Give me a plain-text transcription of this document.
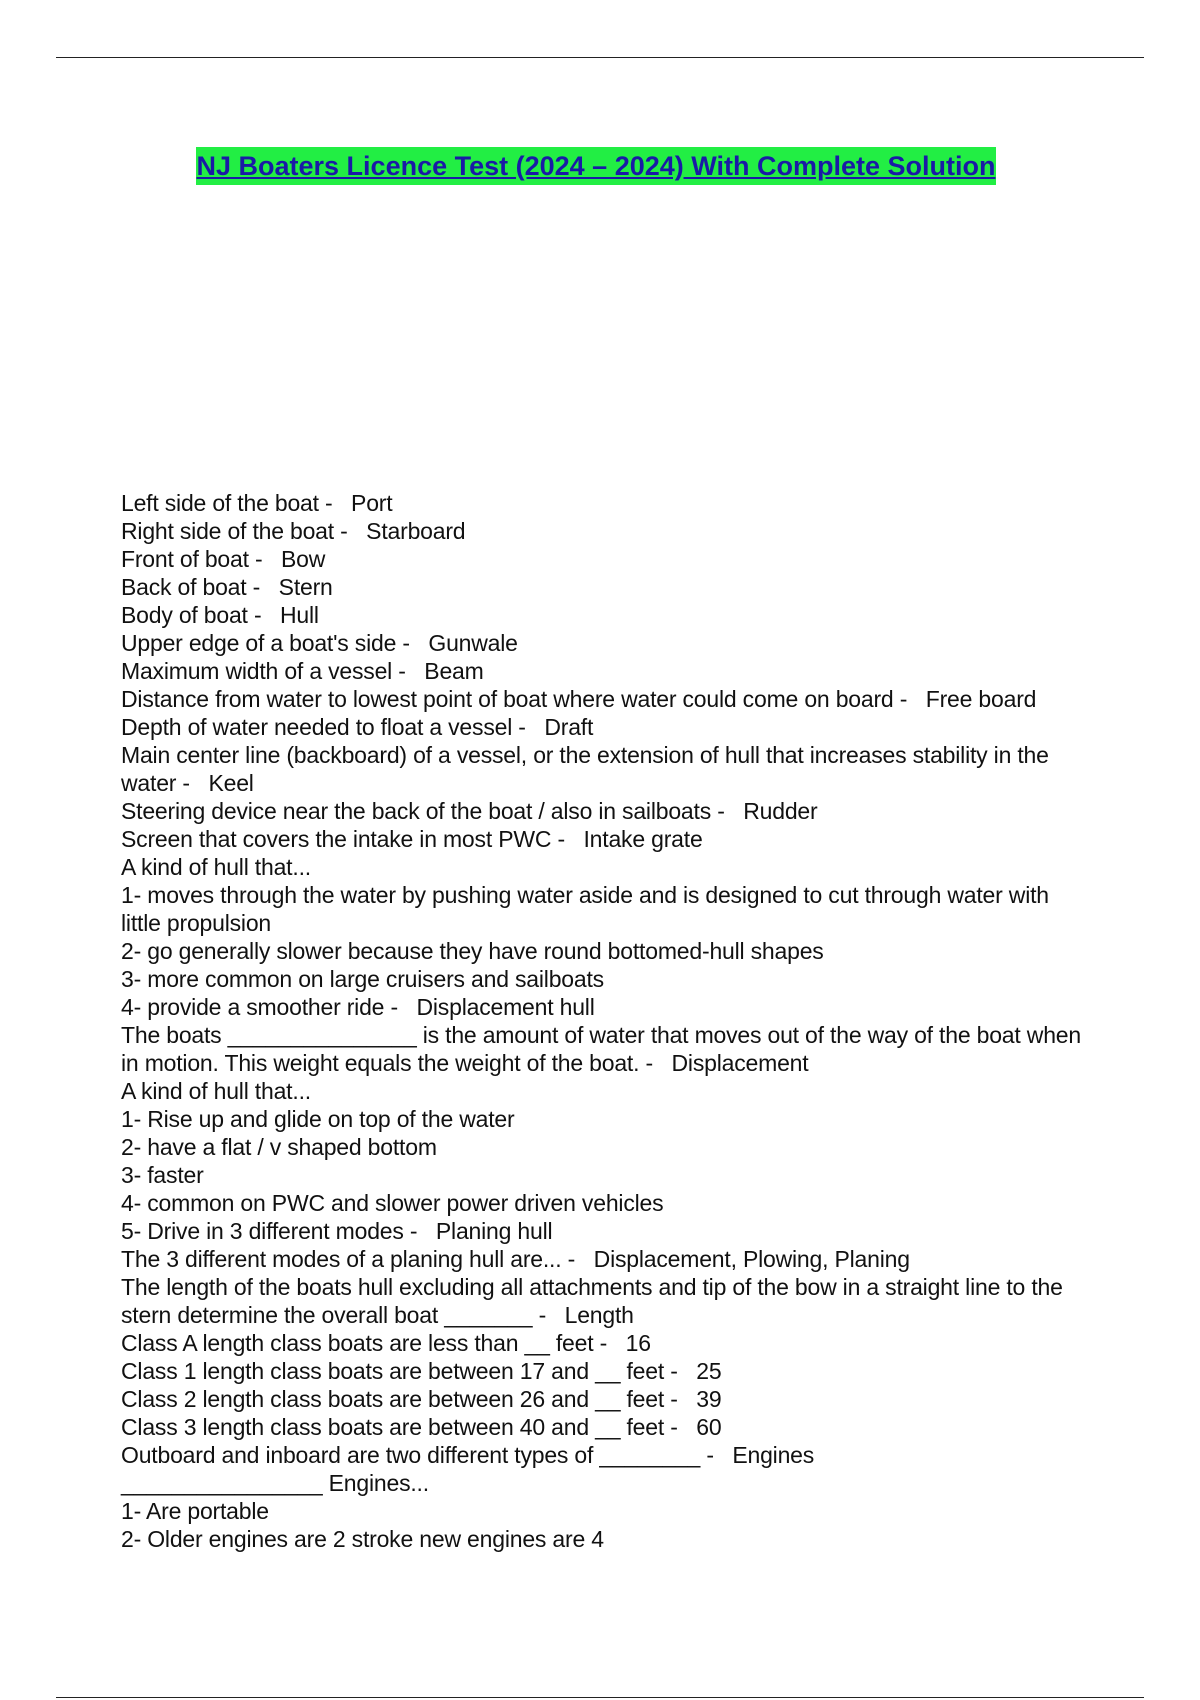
NJ Boaters Licence Test (2024 – 2024) With Complete Solution
Left side of the boat -   Port
Right side of the boat -   Starboard
Front of boat -   Bow
Back of boat -   Stern
Body of boat -   Hull
Upper edge of a boat's side -   Gunwale
Maximum width of a vessel -   Beam
Distance from water to lowest point of boat where water could come on board -   Free board
Depth of water needed to float a vessel -   Draft
Main center line (backboard) of a vessel, or the extension of hull that increases stability in the
water -   Keel
Steering device near the back of the boat / also in sailboats -   Rudder
Screen that covers the intake in most PWC -   Intake grate
A kind of hull that...
1- moves through the water by pushing water aside and is designed to cut through water with
little propulsion
2- go generally slower because they have round bottomed-hull shapes
3- more common on large cruisers and sailboats
4- provide a smoother ride -   Displacement hull
The boats _______________ is the amount of water that moves out of the way of the boat when
in motion. This weight equals the weight of the boat. -   Displacement
A kind of hull that...
1- Rise up and glide on top of the water
2- have a flat / v shaped bottom
3- faster
4- common on PWC and slower power driven vehicles
5- Drive in 3 different modes -   Planing hull
The 3 different modes of a planing hull are... -   Displacement, Plowing, Planing
The length of the boats hull excluding all attachments and tip of the bow in a straight line to the
stern determine the overall boat _______ -   Length
Class A length class boats are less than __ feet -   16
Class 1 length class boats are between 17 and __ feet -   25
Class 2 length class boats are between 26 and __ feet -   39
Class 3 length class boats are between 40 and __ feet -   60
Outboard and inboard are two different types of ________ -   Engines
________________ Engines...
1- Are portable
2- Older engines are 2 stroke new engines are 4
